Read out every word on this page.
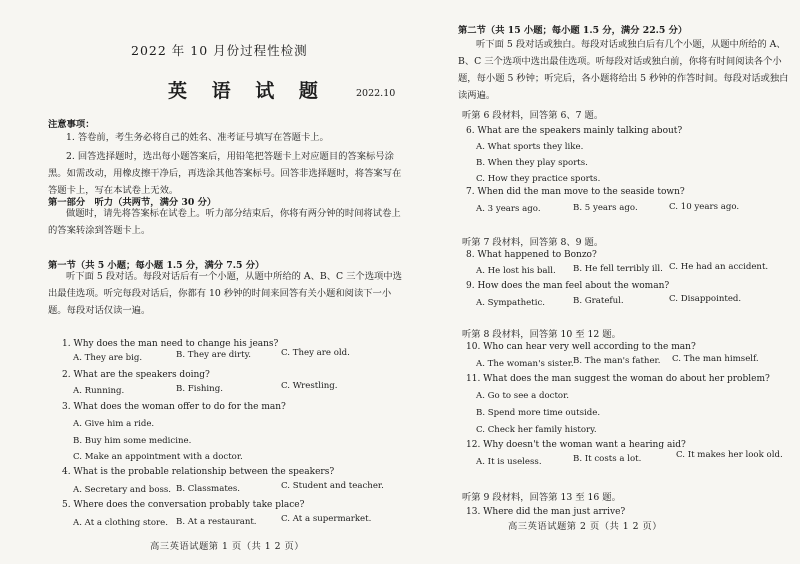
2022 年 10 月份过程性检测
英 语 试 题	2022.10
注意事项：
1. 答卷前，考生务必将自己的姓名、准考证号填写在答题卡上。
2. 回答选择题时，选出每小题答案后，用铅笔把答题卡上对应题目的答案标号涂黑。如需改动，用橡皮擦干净后，再选涂其他答案标号。回答非选择题时，将答案写在答题卡上，写在本试卷上无效。
第一部分　听力（共两节，满分 30 分）
做题时，请先将答案标在试卷上。听力部分结束后，你将有两分钟的时间将试卷上的答案转涂到答题卡上。
第一节（共 5 小题；每小题 1.5 分，满分 7.5 分）
听下面 5 段对话。每段对话后有一个小题，从题中所给的 A、B、C 三个选项中选出最佳选项。听完每段对话后，你都有 10 秒钟的时间来回答有关小题和阅读下一小题。每段对话仅读一遍。
1. Why does the man need to change his jeans?
A. They are big.	B. They are dirty.	C. They are old.
2. What are the speakers doing?
A. Running.	B. Fishing.	C. Wrestling.
3. What does the woman offer to do for the man?
A. Give him a ride.
B. Buy him some medicine.
C. Make an appointment with a doctor.
4. What is the probable relationship between the speakers?
A. Secretary and boss. B. Classmates.	C. Student and teacher.
5. Where does the conversation probably take place?
A. At a clothing store. B. At a restaurant.	C. At a supermarket.
高三英语试题第 1 页（共 1 2 页）
第二节（共 15 小题；每小题 1.5 分，满分 22.5 分）
听下面 5 段对话或独白。每段对话或独白后有几个小题，从题中所给的 A、B、C 三个选项中选出最佳选项。听每段对话或独白前，你将有时间阅读各个小题，每小题 5 秒钟；听完后，各小题将给出 5 秒钟的作答时间。每段对话或独白读两遍。
听第 6 段材料，回答第 6、7 题。
6. What are the speakers mainly talking about?
A. What sports they like.
B. When they play sports.
C. How they practice sports.
7. When did the man move to the seaside town?
A. 3 years ago.	B. 5 years ago.	C. 10 years ago.
听第 7 段材料，回答第 8、9 题。
8. What happened to Bonzo?
A. He lost his ball. B. He fell terribly ill. C. He had an accident.
9. How does the man feel about the woman?
A. Sympathetic.	B. Grateful.	C. Disappointed.
听第 8 段材料，回答第 10 至 12 题。
10. Who can hear very well according to the man?
A. The woman's sister. B. The man's father. C. The man himself.
11. What does the man suggest the woman do about her problem?
A. Go to see a doctor.
B. Spend more time outside.
C. Check her family history.
12. Why doesn't the woman want a hearing aid?
A. It is useless.	B. It costs a lot.	C. It makes her look old.
听第 9 段材料，回答第 13 至 16 题。
13. Where did the man just arrive?
高三英语试题第 2 页（共 1 2 页）
